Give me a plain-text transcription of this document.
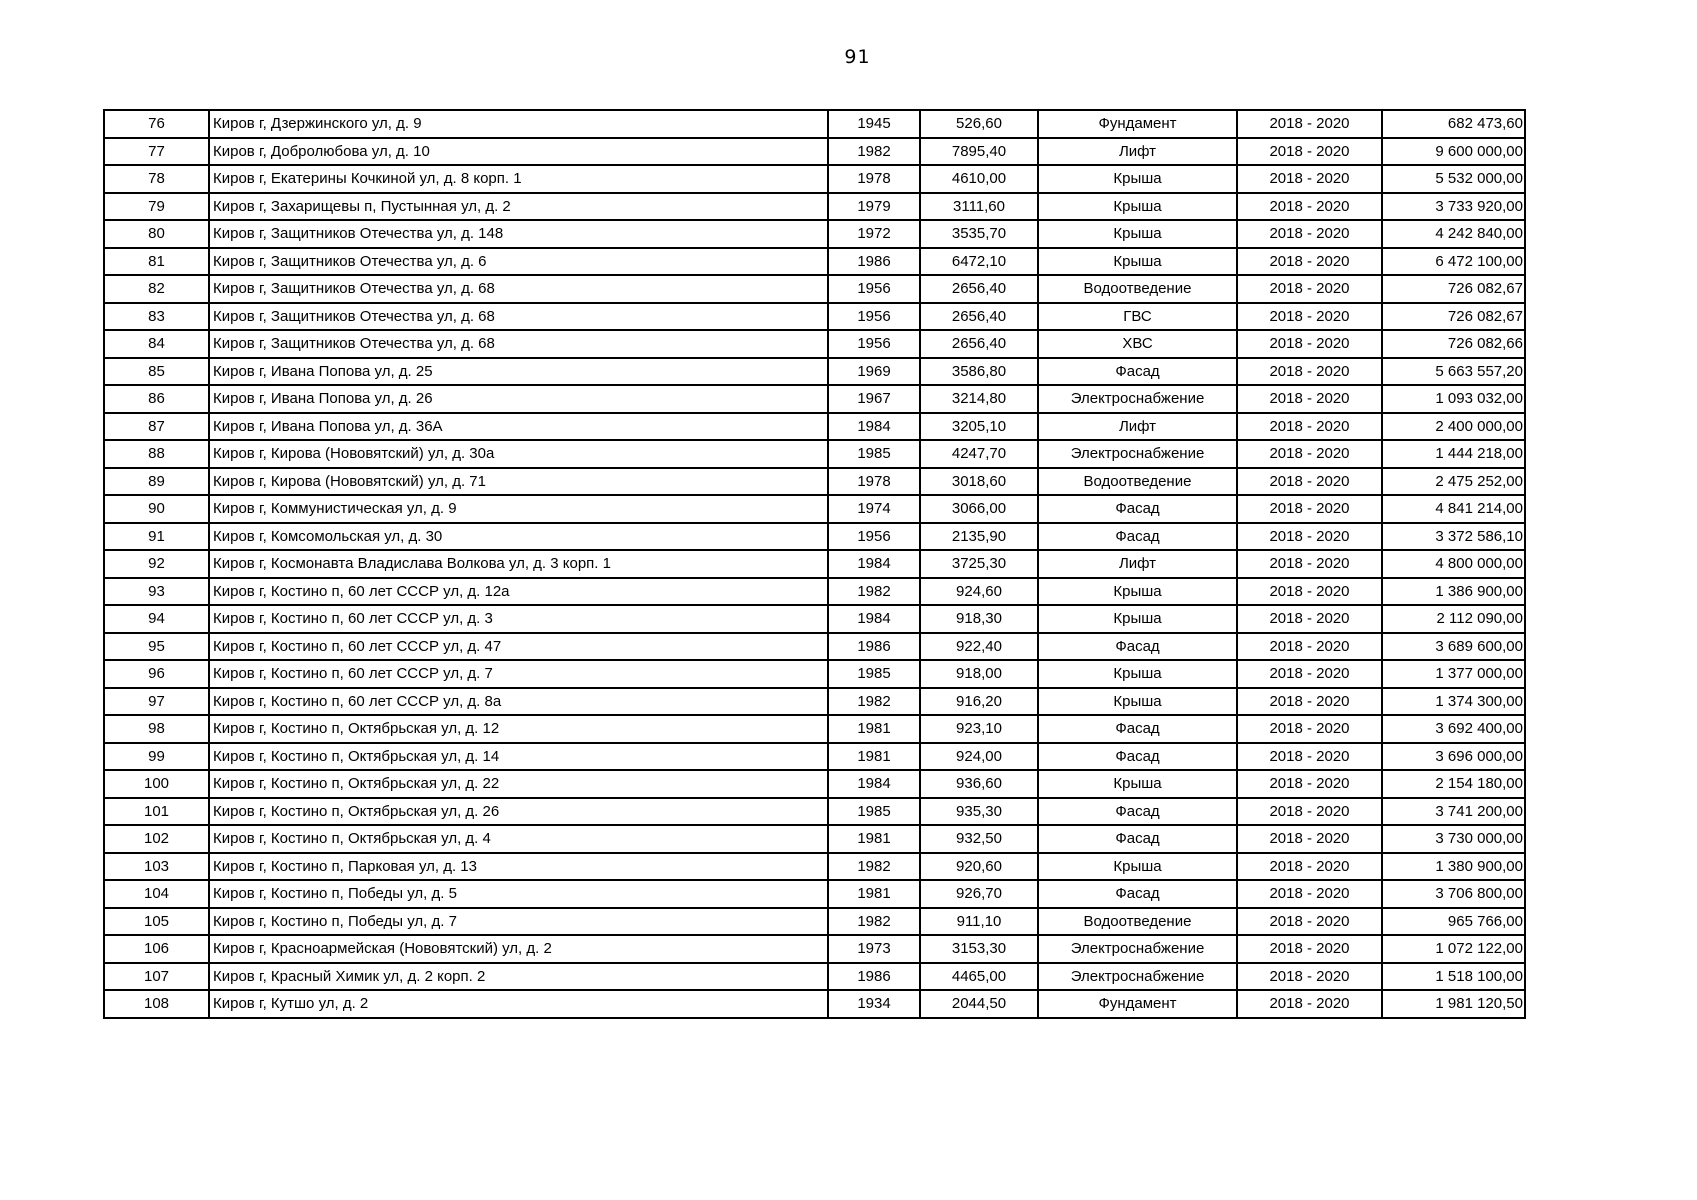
91
76	Киров г, Дзержинского ул, д. 9	1945	526,60	Фундамент	2018 - 2020	682 473,60
77	Киров г, Добролюбова ул, д. 10	1982	7895,40	Лифт	2018 - 2020	9 600 000,00
78	Киров г, Екатерины Кочкиной ул, д. 8 корп. 1	1978	4610,00	Крыша	2018 - 2020	5 532 000,00
79	Киров г, Захарищевы п, Пустынная ул, д. 2	1979	3111,60	Крыша	2018 - 2020	3 733 920,00
80	Киров г, Защитников Отечества ул, д. 148	1972	3535,70	Крыша	2018 - 2020	4 242 840,00
81	Киров г, Защитников Отечества ул, д. 6	1986	6472,10	Крыша	2018 - 2020	6 472 100,00
82	Киров г, Защитников Отечества ул, д. 68	1956	2656,40	Водоотведение	2018 - 2020	726 082,67
83	Киров г, Защитников Отечества ул, д. 68	1956	2656,40	ГВС	2018 - 2020	726 082,67
84	Киров г, Защитников Отечества ул, д. 68	1956	2656,40	ХВС	2018 - 2020	726 082,66
85	Киров г, Ивана Попова ул, д. 25	1969	3586,80	Фасад	2018 - 2020	5 663 557,20
86	Киров г, Ивана Попова ул, д. 26	1967	3214,80	Электроснабжение	2018 - 2020	1 093 032,00
87	Киров г, Ивана Попова ул, д. 36А	1984	3205,10	Лифт	2018 - 2020	2 400 000,00
88	Киров г, Кирова (Нововятский) ул, д. 30а	1985	4247,70	Электроснабжение	2018 - 2020	1 444 218,00
89	Киров г, Кирова (Нововятский) ул, д. 71	1978	3018,60	Водоотведение	2018 - 2020	2 475 252,00
90	Киров г, Коммунистическая ул, д. 9	1974	3066,00	Фасад	2018 - 2020	4 841 214,00
91	Киров г, Комсомольская ул, д. 30	1956	2135,90	Фасад	2018 - 2020	3 372 586,10
92	Киров г, Космонавта Владислава Волкова ул, д. 3 корп. 1	1984	3725,30	Лифт	2018 - 2020	4 800 000,00
93	Киров г, Костино п, 60 лет СССР ул, д. 12а	1982	924,60	Крыша	2018 - 2020	1 386 900,00
94	Киров г, Костино п, 60 лет СССР ул, д. 3	1984	918,30	Крыша	2018 - 2020	2 112 090,00
95	Киров г, Костино п, 60 лет СССР ул, д. 47	1986	922,40	Фасад	2018 - 2020	3 689 600,00
96	Киров г, Костино п, 60 лет СССР ул, д. 7	1985	918,00	Крыша	2018 - 2020	1 377 000,00
97	Киров г, Костино п, 60 лет СССР ул, д. 8а	1982	916,20	Крыша	2018 - 2020	1 374 300,00
98	Киров г, Костино п, Октябрьская ул, д. 12	1981	923,10	Фасад	2018 - 2020	3 692 400,00
99	Киров г, Костино п, Октябрьская ул, д. 14	1981	924,00	Фасад	2018 - 2020	3 696 000,00
100	Киров г, Костино п, Октябрьская ул, д. 22	1984	936,60	Крыша	2018 - 2020	2 154 180,00
101	Киров г, Костино п, Октябрьская ул, д. 26	1985	935,30	Фасад	2018 - 2020	3 741 200,00
102	Киров г, Костино п, Октябрьская ул, д. 4	1981	932,50	Фасад	2018 - 2020	3 730 000,00
103	Киров г, Костино п, Парковая ул, д. 13	1982	920,60	Крыша	2018 - 2020	1 380 900,00
104	Киров г, Костино п, Победы ул, д. 5	1981	926,70	Фасад	2018 - 2020	3 706 800,00
105	Киров г, Костино п, Победы ул, д. 7	1982	911,10	Водоотведение	2018 - 2020	965 766,00
106	Киров г, Красноармейская (Нововятский) ул, д. 2	1973	3153,30	Электроснабжение	2018 - 2020	1 072 122,00
107	Киров г, Красный Химик ул, д. 2 корп. 2	1986	4465,00	Электроснабжение	2018 - 2020	1 518 100,00
108	Киров г, Кутшо ул, д. 2	1934	2044,50	Фундамент	2018 - 2020	1 981 120,50
